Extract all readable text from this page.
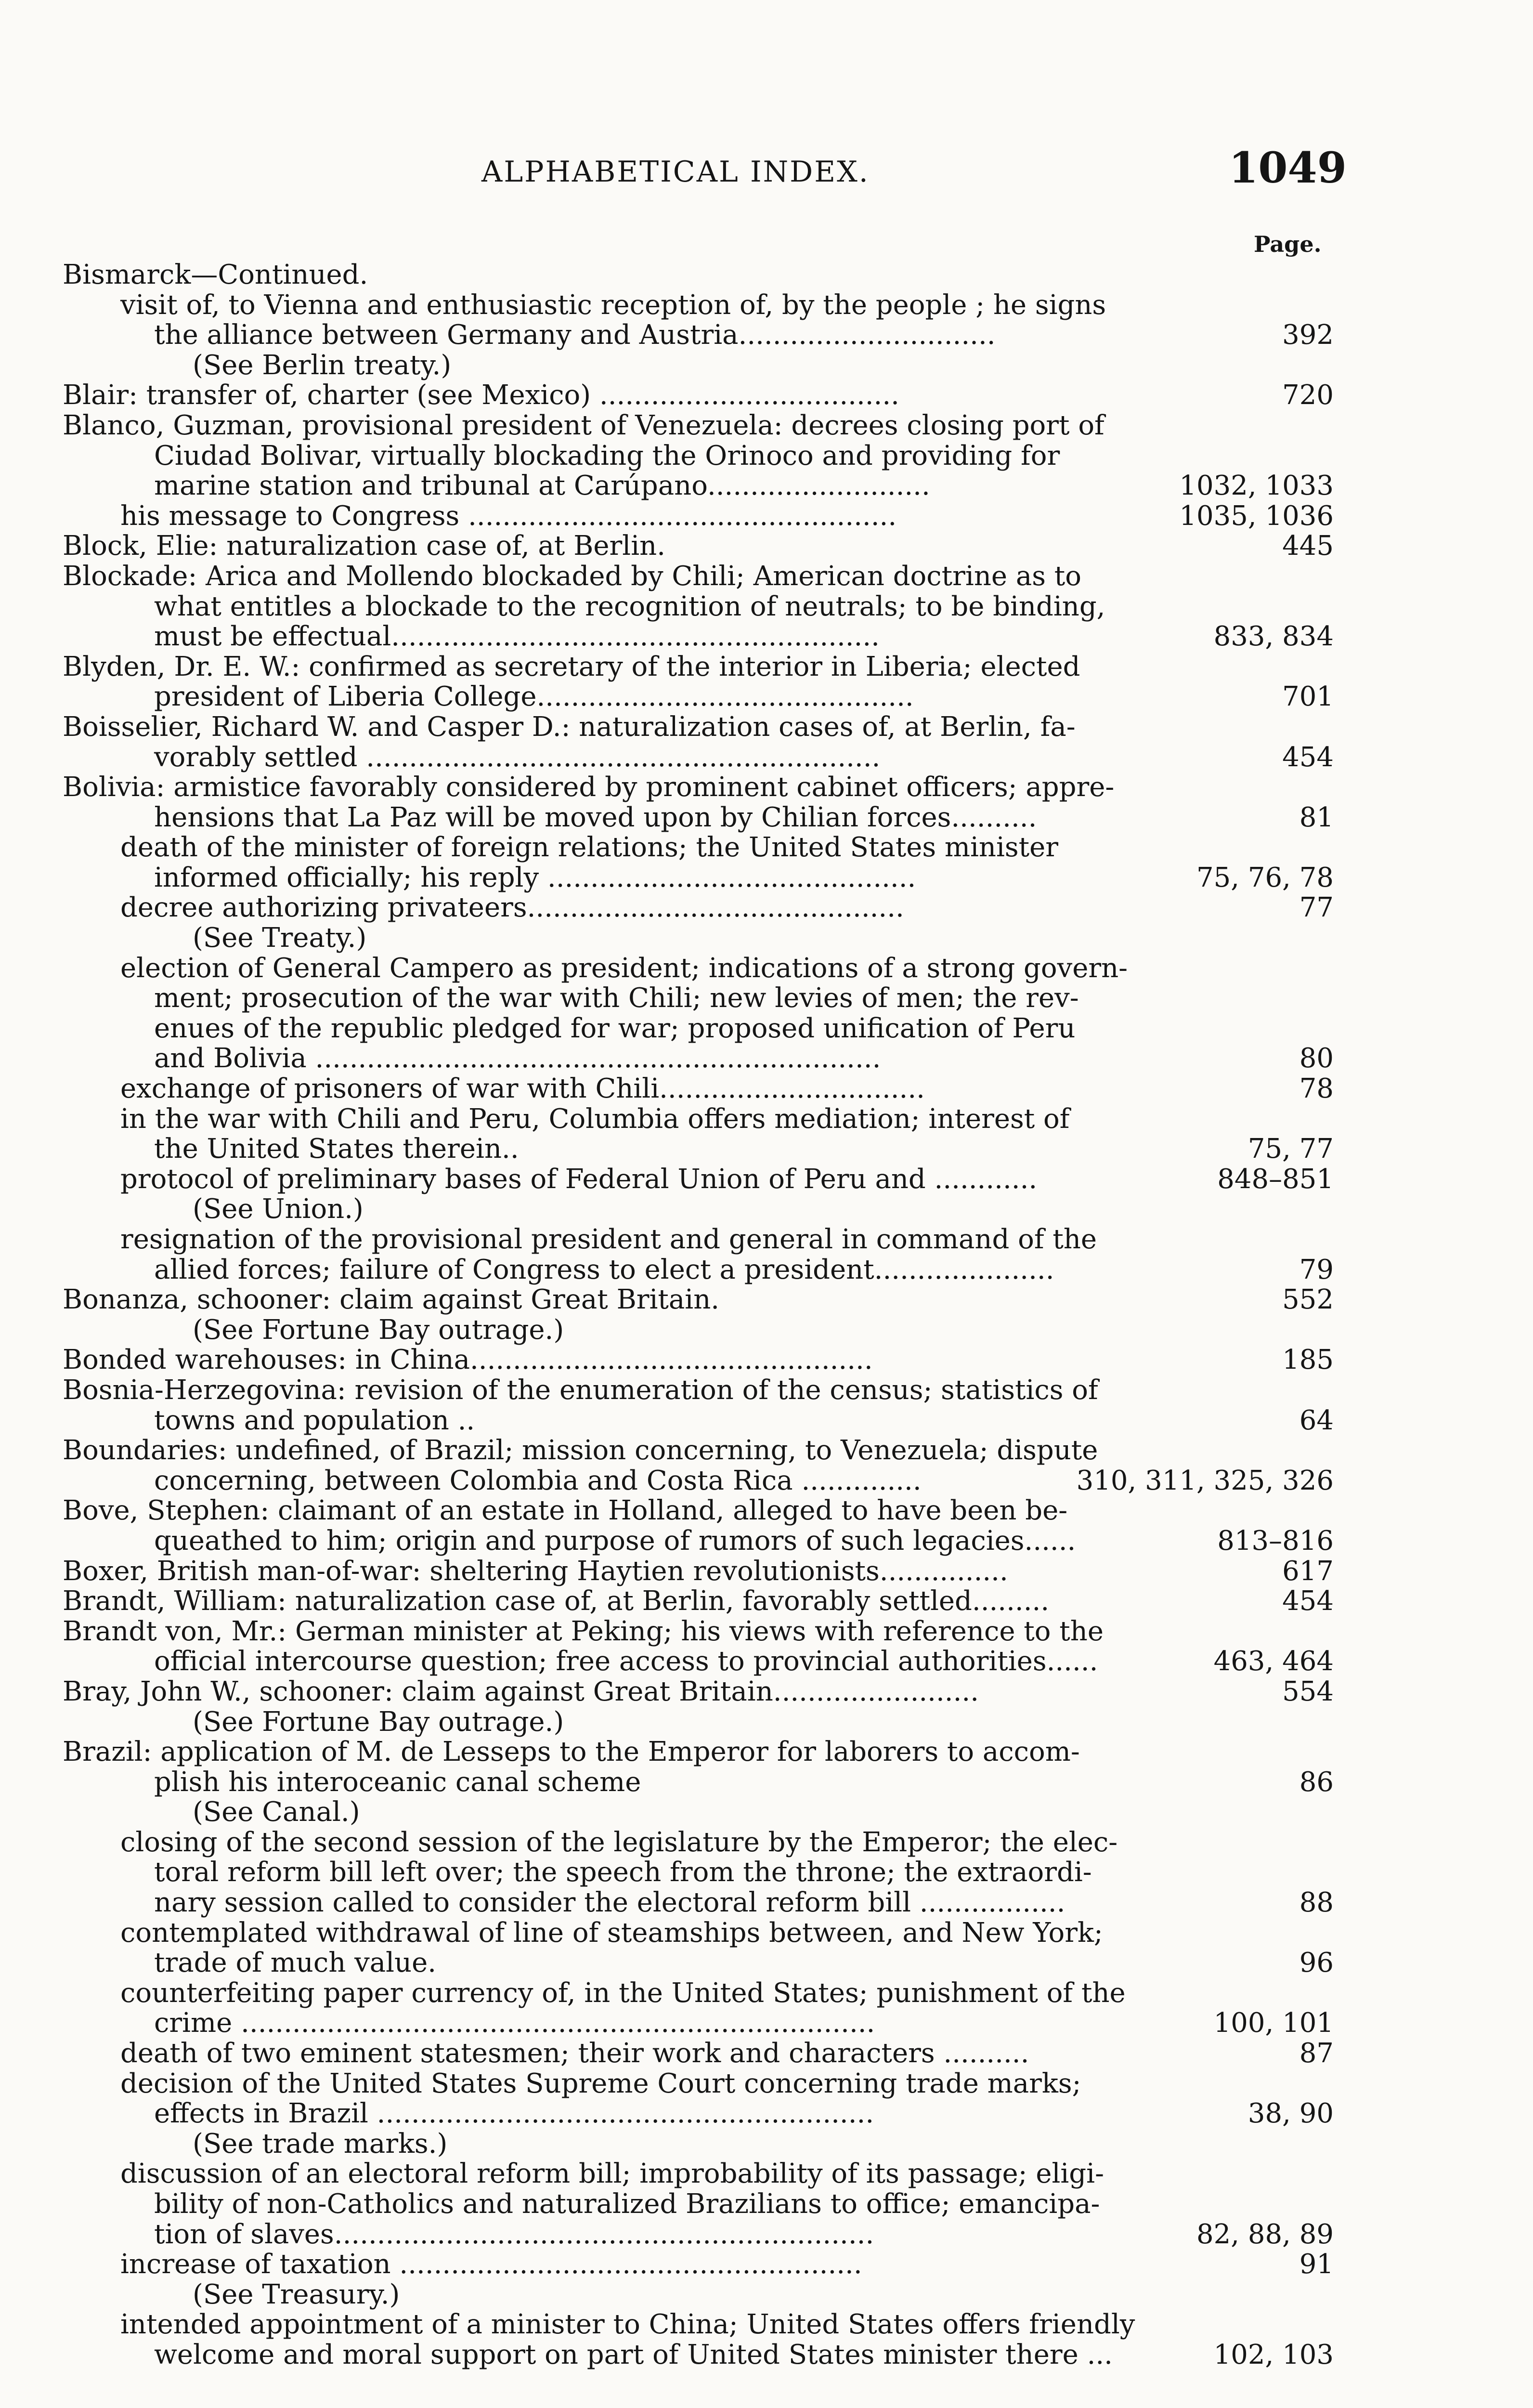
ALPHABETICAL INDEX.	1049
Page.
Bismarck—Continued.
visit of, to Vienna and enthusiastic reception of, by the people ; he signs
the alliance between Germany and Austria..............................	392
(See Berlin treaty.)
Blair: transfer of, charter (see Mexico) ...................................	720
Blanco, Guzman, provisional president of Venezuela: decrees closing port of
Ciudad Bolivar, virtually blockading the Orinoco and providing for
marine station and tribunal at Carúpano..........................	1032, 1033
his message to Congress ..................................................	1035, 1036
Block, Elie: naturalization case of, at Berlin.	445
Blockade: Arica and Mollendo blockaded by Chili; American doctrine as to
what entitles a blockade to the recognition of neutrals; to be binding,
must be effectual.........................................................	833, 834
Blyden, Dr. E. W.: confirmed as secretary of the interior in Liberia; elected
president of Liberia College............................................	701
Boisselier, Richard W. and Casper D.: naturalization cases of, at Berlin, fa-
vorably settled ............................................................	454
Bolivia: armistice favorably considered by prominent cabinet officers; appre-
hensions that La Paz will be moved upon by Chilian forces..........	81
death of the minister of foreign relations; the United States minister
informed officially; his reply ...........................................	75, 76, 78
decree authorizing privateers............................................	77
(See Treaty.)
election of General Campero as president; indications of a strong govern-
ment; prosecution of the war with Chili; new levies of men; the rev-
enues of the republic pledged for war; proposed unification of Peru
and Bolivia ..................................................................	80
exchange of prisoners of war with Chili...............................	78
in the war with Chili and Peru, Columbia offers mediation; interest of
the United States therein..	75, 77
protocol of preliminary bases of Federal Union of Peru and ............	848–851
(See Union.)
resignation of the provisional president and general in command of the
allied forces; failure of Congress to elect a president.....................	79
Bonanza, schooner: claim against Great Britain.	552
(See Fortune Bay outrage.)
Bonded warehouses: in China...............................................	185
Bosnia-Herzegovina: revision of the enumeration of the census; statistics of
towns and population ..	64
Boundaries: undefined, of Brazil; mission concerning, to Venezuela; dispute
concerning, between Colombia and Costa Rica ..............	310, 311, 325, 326
Bove, Stephen: claimant of an estate in Holland, alleged to have been be-
queathed to him; origin and purpose of rumors of such legacies......	813–816
Boxer, British man-of-war: sheltering Haytien revolutionists...............	617
Brandt, William: naturalization case of, at Berlin, favorably settled.........	454
Brandt von, Mr.: German minister at Peking; his views with reference to the
official intercourse question; free access to provincial authorities......	463, 464
Bray, John W., schooner: claim against Great Britain........................	554
(See Fortune Bay outrage.)
Brazil: application of M. de Lesseps to the Emperor for laborers to accom-
plish his interoceanic canal scheme	86
(See Canal.)
closing of the second session of the legislature by the Emperor; the elec-
toral reform bill left over; the speech from the throne; the extraordi-
nary session called to consider the electoral reform bill .................	88
contemplated withdrawal of line of steamships between, and New York;
trade of much value.	96
counterfeiting paper currency of, in the United States; punishment of the
crime ..........................................................................	100, 101
death of two eminent statesmen; their work and characters ..........	87
decision of the United States Supreme Court concerning trade marks;
effects in Brazil ..........................................................	38, 90
(See trade marks.)
discussion of an electoral reform bill; improbability of its passage; eligi-
bility of non-Catholics and naturalized Brazilians to office; emancipa-
tion of slaves...............................................................	82, 88, 89
increase of taxation ......................................................	91
(See Treasury.)
intended appointment of a minister to China; United States offers friendly
welcome and moral support on part of United States minister there ...	102, 103
